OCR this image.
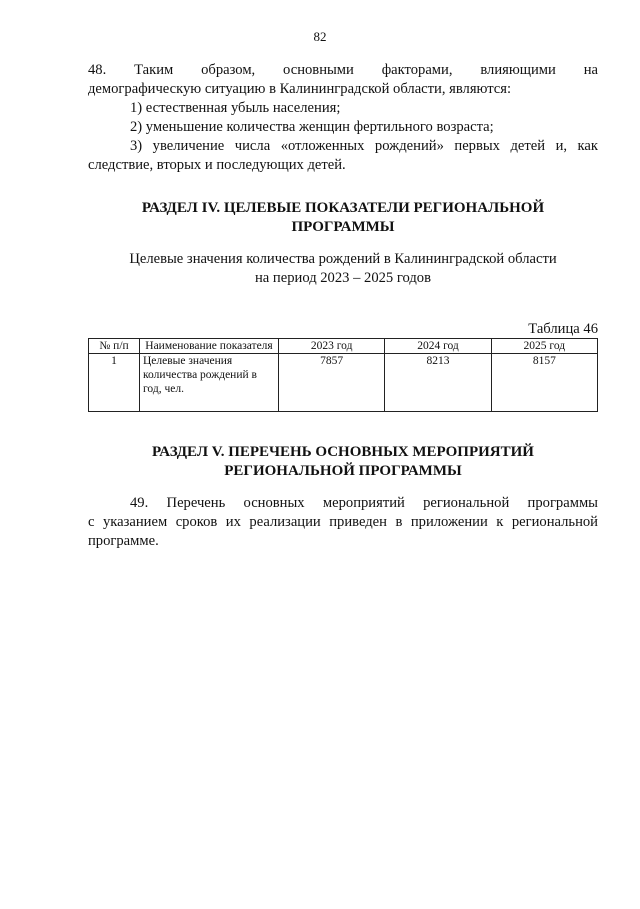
82
48. Таким образом, основными факторами, влияющими на
демографическую ситуацию в Калининградской области, являются:
1) естественная убыль населения;
2) уменьшение количества женщин фертильного возраста;
3) увеличение числа «отложенных рождений» первых детей и, как
следствие, вторых и последующих детей.
РАЗДЕЛ IV. ЦЕЛЕВЫЕ ПОКАЗАТЕЛИ РЕГИОНАЛЬНОЙ
ПРОГРАММЫ
Целевые значения количества рождений в Калининградской области
на период 2023 – 2025 годов
Таблица 46
№ п/п	Наименование показателя	2023 год	2024 год	2025 год
1	Целевые значения количества рождений в год, чел.	7857	8213	8157
РАЗДЕЛ V. ПЕРЕЧЕНЬ ОСНОВНЫХ МЕРОПРИЯТИЙ
РЕГИОНАЛЬНОЙ ПРОГРАММЫ
49. Перечень основных мероприятий региональной программы
с указанием сроков их реализации приведен в приложении к региональной
программе.
